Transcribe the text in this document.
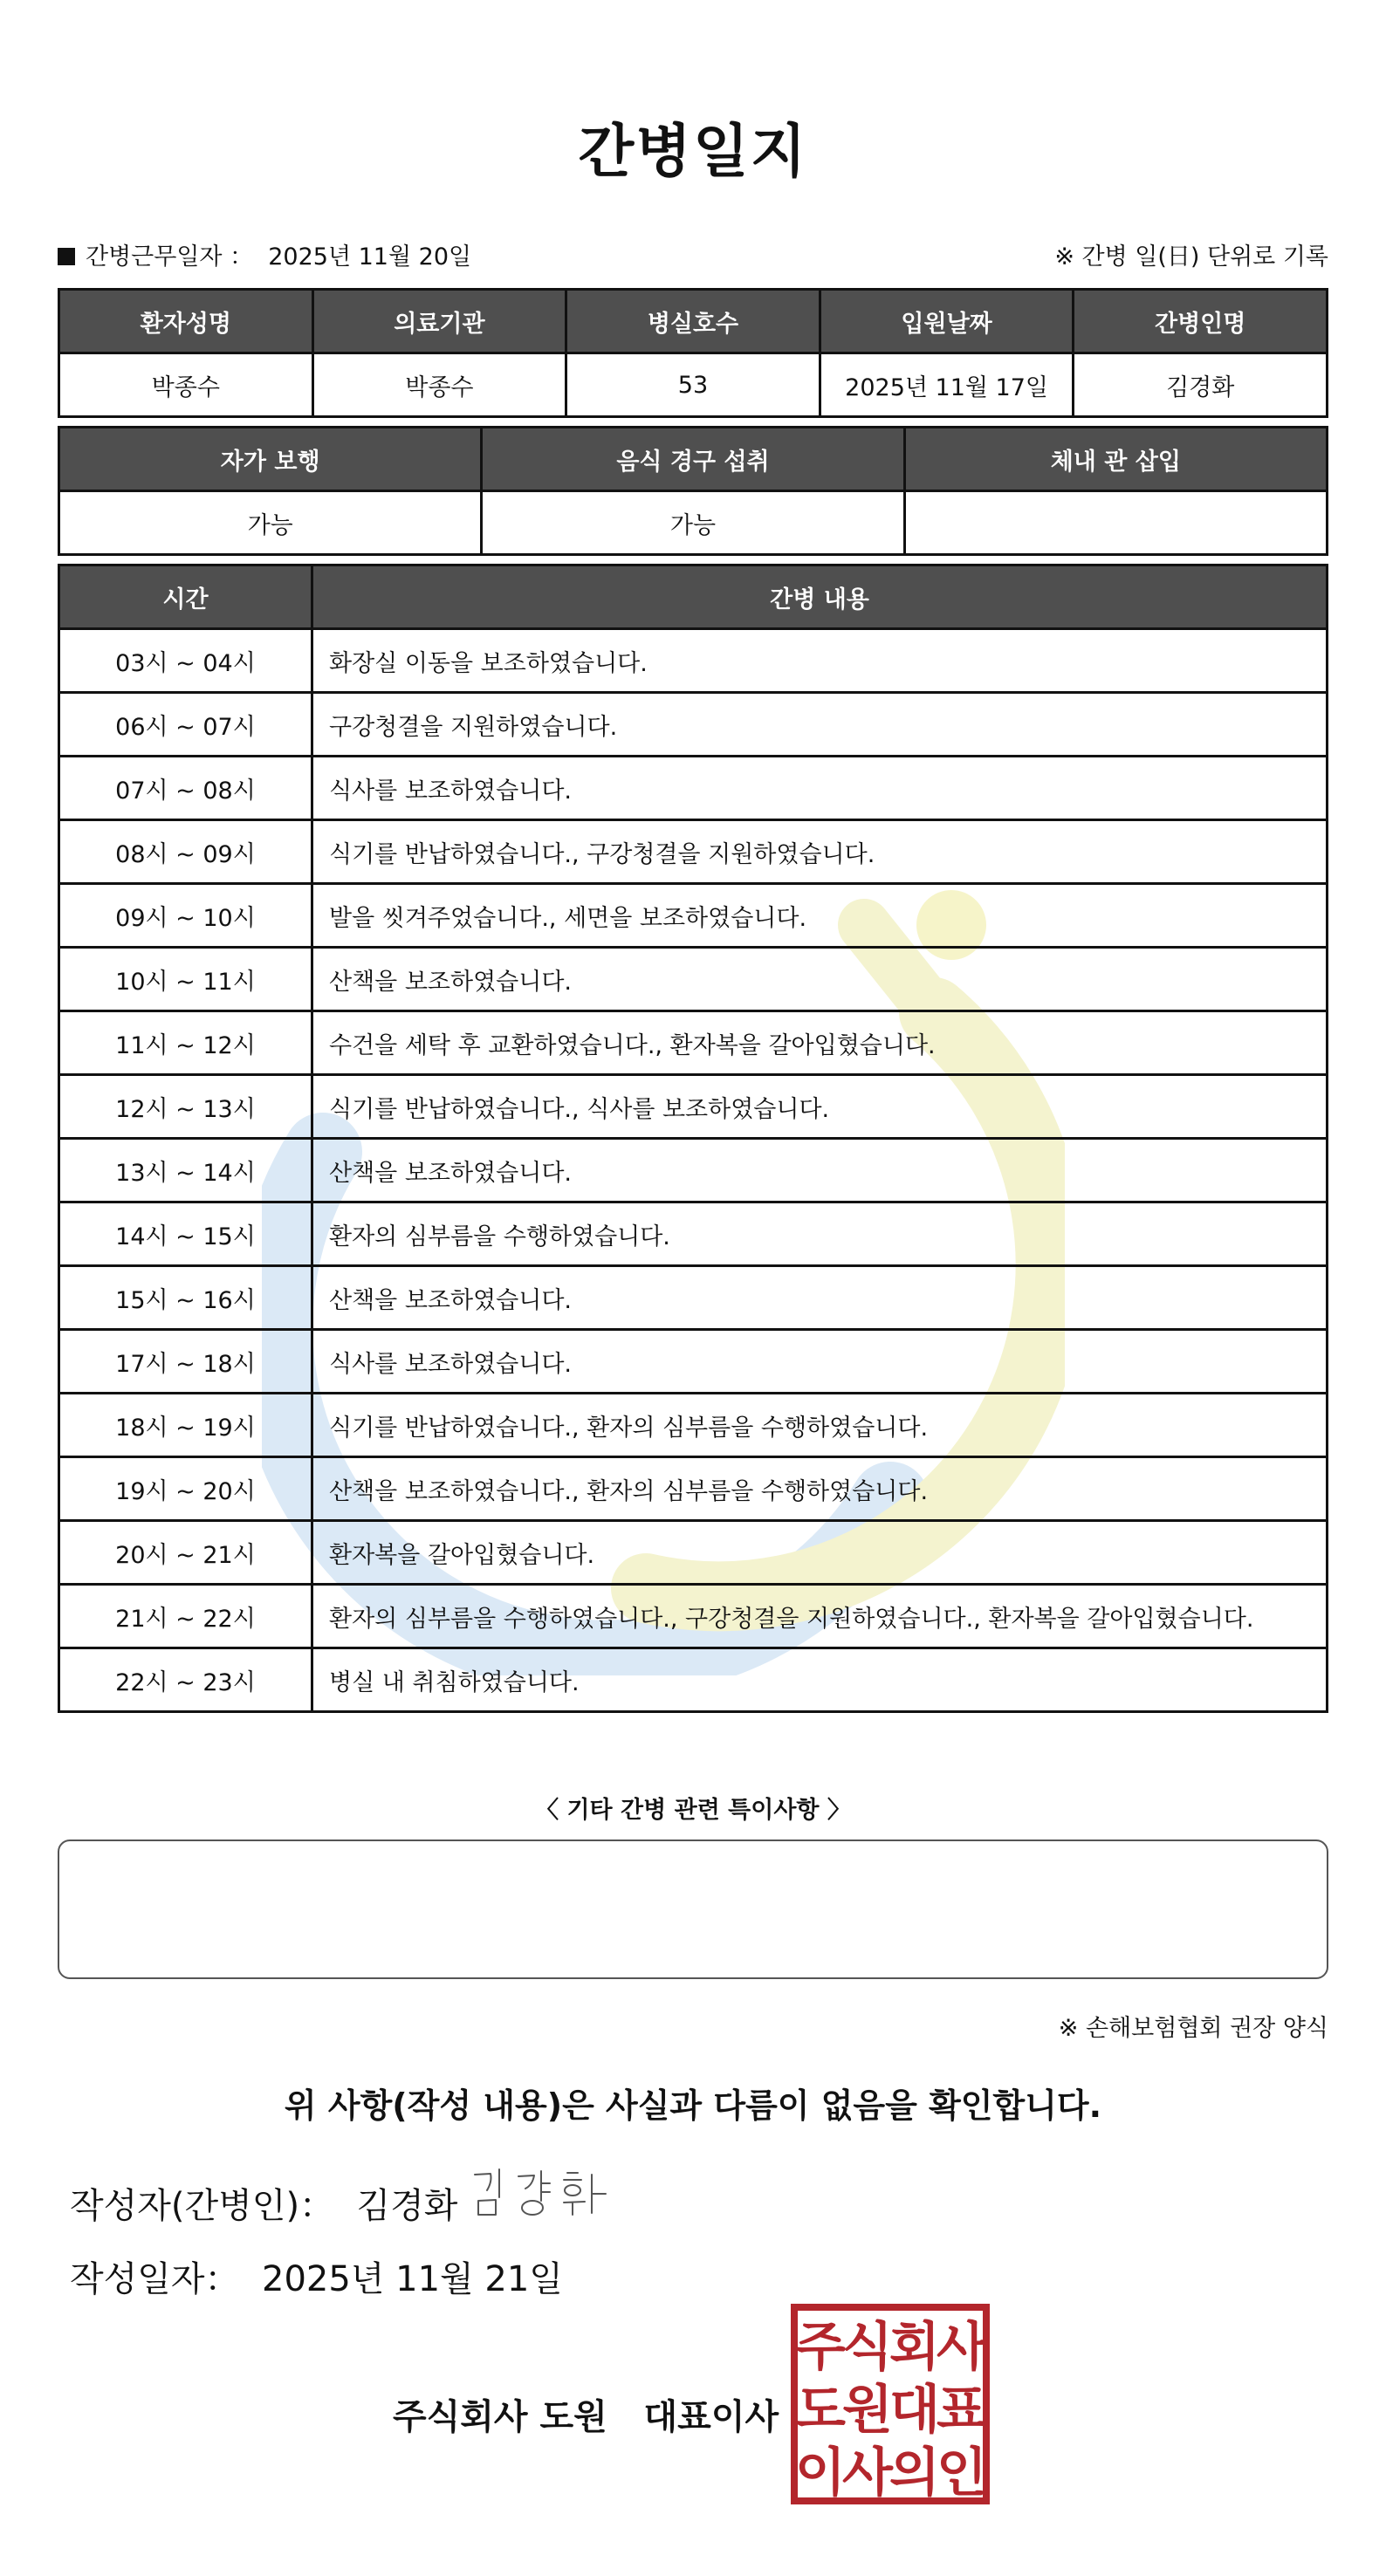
간병일지
간병근무일자 ： 2025년 11월 20일	※ 간병 일(日) 단위로 기록
환자성명	의료기관	병실호수	입원날짜	간병인명
박종수	박종수	53	2025년 11월 17일	김경화
자가 보행	음식 경구 섭취	체내 관 삽입
가능	가능	
시간	간병 내용
03시 ~ 04시	화장실 이동을 보조하였습니다.
06시 ~ 07시	구강청결을 지원하였습니다.
07시 ~ 08시	식사를 보조하였습니다.
08시 ~ 09시	식기를 반납하였습니다., 구강청결을 지원하였습니다.
09시 ~ 10시	발을 씻겨주었습니다., 세면을 보조하였습니다.
10시 ~ 11시	산책을 보조하였습니다.
11시 ~ 12시	수건을 세탁 후 교환하였습니다., 환자복을 갈아입혔습니다.
12시 ~ 13시	식기를 반납하였습니다., 식사를 보조하였습니다.
13시 ~ 14시	산책을 보조하였습니다.
14시 ~ 15시	환자의 심부름을 수행하였습니다.
15시 ~ 16시	산책을 보조하였습니다.
17시 ~ 18시	식사를 보조하였습니다.
18시 ~ 19시	식기를 반납하였습니다., 환자의 심부름을 수행하였습니다.
19시 ~ 20시	산책을 보조하였습니다., 환자의 심부름을 수행하였습니다.
20시 ~ 21시	환자복을 갈아입혔습니다.
21시 ~ 22시	환자의 심부름을 수행하였습니다., 구강청결을 지원하였습니다., 환자복을 갈아입혔습니다.
22시 ~ 23시	병실 내 취침하였습니다.
〈 기타 간병 관련 특이사항 〉
※ 손해보험협회 권장 양식
위 사항(작성 내용)은 사실과 다름이 없음을 확인합니다.
작성자(간병인)： 김경화
작성일자： 2025년 11월 21일
주식회사 도원 대표이사
주
식
회
사
도
원
대
표
이
사
의
인
